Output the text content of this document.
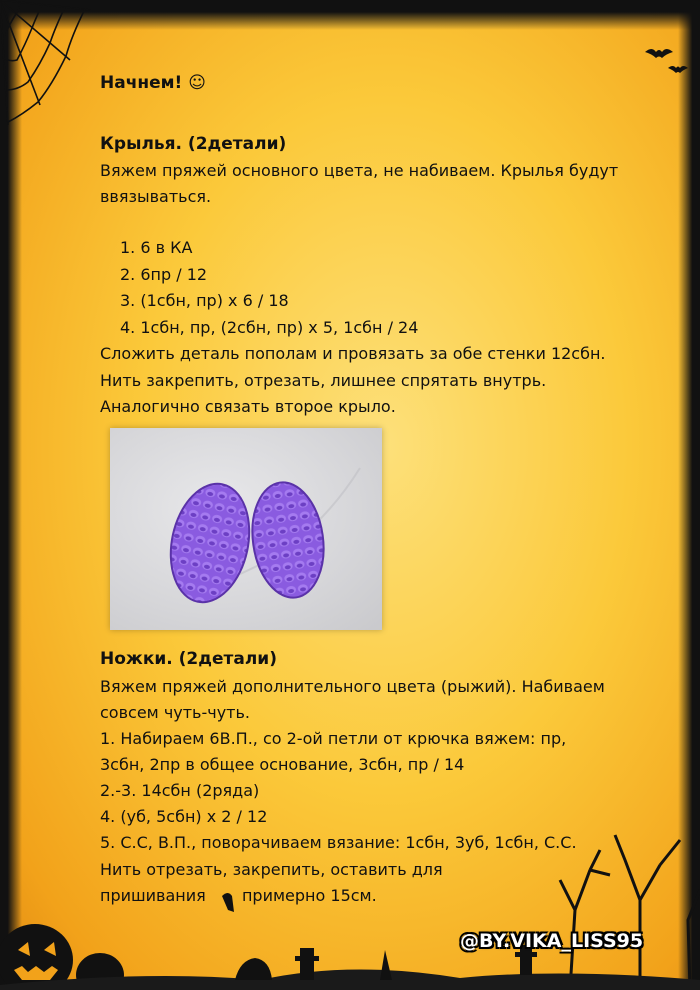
Начнем! ☺
Крылья. (2детали)
Вяжем пряжей основного цвета, не набиваем. Крылья будут
ввязываться.
1. 6 в КА
2. 6пр / 12
3. (1сбн, пр) х 6 / 18
4. 1сбн, пр, (2сбн, пр) х 5, 1сбн / 24
Сложить деталь пополам и провязать за обе стенки 12сбн.
Нить закрепить, отрезать, лишнее спрятать внутрь.
Аналогично связать второе крыло.
Ножки. (2детали)
Вяжем пряжей дополнительного цвета (рыжий). Набиваем
совсем чуть-чуть.
1. Набираем 6В.П., со 2-ой петли от крючка вяжем: пр,
3сбн, 2пр в общее основание, 3сбн, пр / 14
2.-3. 14сбн (2ряда)
4. (уб, 5сбн) х 2 / 12
5. С.С, В.П., поворачиваем вязание: 1сбн, 3уб, 1сбн, С.С.
Нить отрезать, закрепить, оставить для
пришивания примерно 15см.
@BY.VIKA_LISS95
